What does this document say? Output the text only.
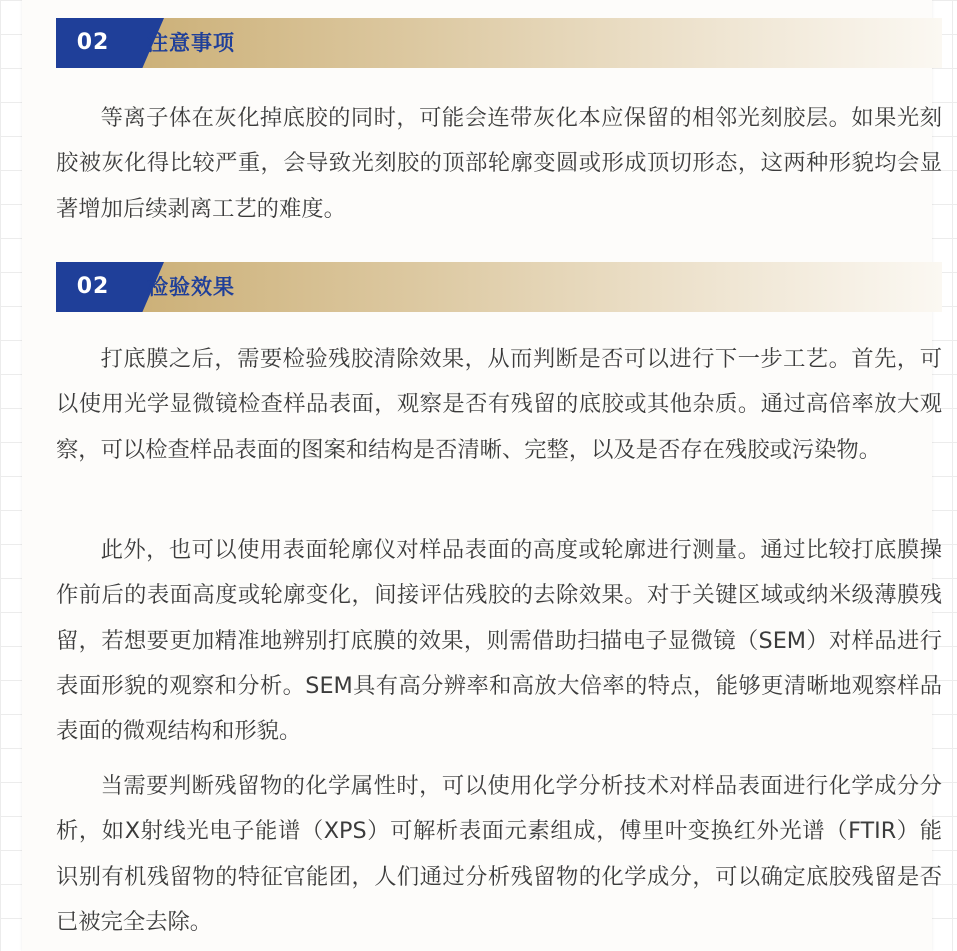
02	注意事项

等离子体在灰化掉底胶的同时，可能会连带灰化本应保留的相邻光刻胶层。如果光刻胶被灰化得比较严重，会导致光刻胶的顶部轮廓变圆或形成顶切形态，这两种形貌均会显著增加后续剥离工艺的难度。

02	检验效果

打底膜之后，需要检验残胶清除效果，从而判断是否可以进行下一步工艺。首先，可以使用光学显微镜检查样品表面，观察是否有残留的底胶或其他杂质。通过高倍率放大观察，可以检查样品表面的图案和结构是否清晰、完整，以及是否存在残胶或污染物。

此外，也可以使用表面轮廓仪对样品表面的高度或轮廓进行测量。通过比较打底膜操作前后的表面高度或轮廓变化，间接评估残胶的去除效果。对于关键区域或纳米级薄膜残留，若想要更加精准地辨别打底膜的效果，则需借助扫描电子显微镜（SEM）对样品进行表面形貌的观察和分析。SEM具有高分辨率和高放大倍率的特点，能够更清晰地观察样品表面的微观结构和形貌。

当需要判断残留物的化学属性时，可以使用化学分析技术对样品表面进行化学成分分析，如X射线光电子能谱（XPS）可解析表面元素组成，傅里叶变换红外光谱（FTIR）能识别有机残留物的特征官能团，人们通过分析残留物的化学成分，可以确定底胶残留是否已被完全去除。
